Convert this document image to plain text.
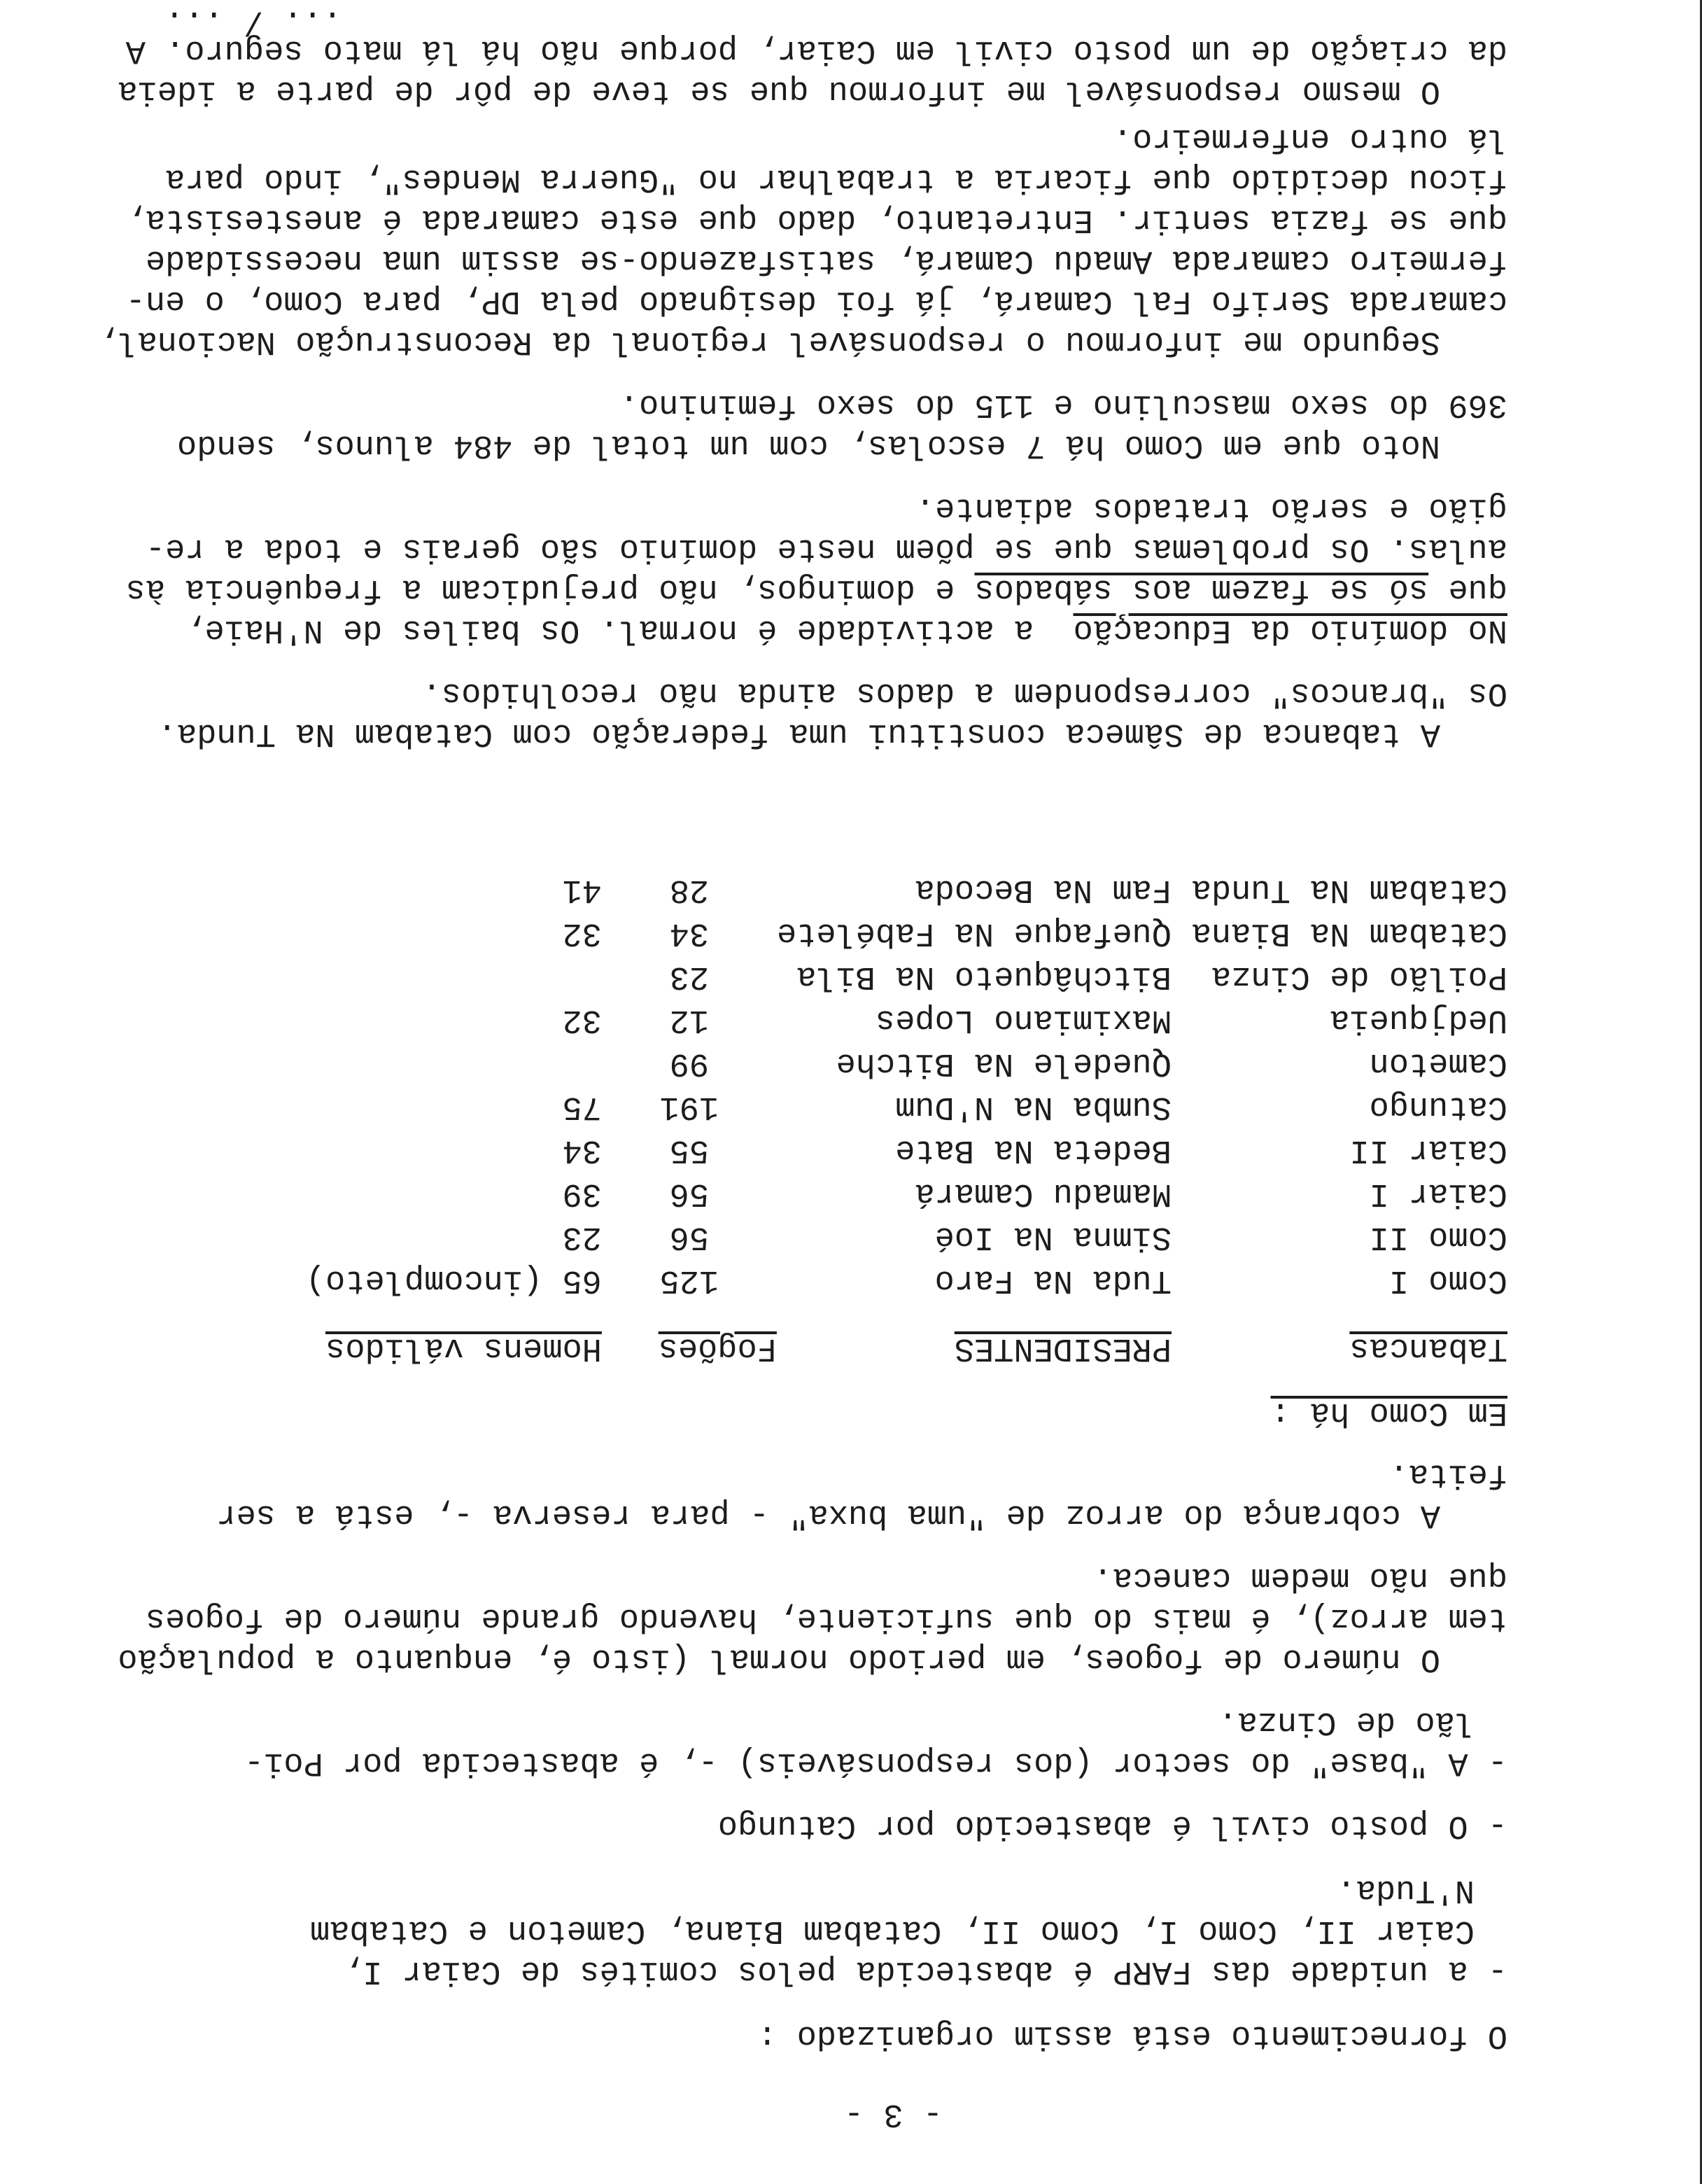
- 3 -
O fornecimento está assim organizado :
- a unidade das FARP é abastecida pelos comités de Caiar I,
Caiar II, Como I, Como II, Catabam Biana, Cameton e Catabam
N'Tuda.
- O posto civil é abastecido por Catungo
- A "base" do sector (dos responsáveis) -, é abastecida por Poi-
lão de Cinza.
O número de fogoes, em periodo normal (isto é, enquanto a população
tem arroz), é mais do que suficiente, havendo grande número de fogoes
que não medem caneca.
A cobrança do arroz de "uma buxa" - para reserva -, está a ser
feita.
Em Como há :			
Tabancas	PRESIDENTES	Fogões	Homens válidos
Como I	Tuda Na Faro	125	65 (incompleto)
Como II	Simna Na Ioé	56	23
Caiar I	Mamadu Camará	56	39
Caiar II	Bedeta Na Bate	55	34
Catungo	Sumba Na N'Dum	191	75
Cameton	Quedele Na Bitche	99	
Uedjqueia	Maximiano Lopes	12	32
Poilão de Cinza	Bitchâqueto Na Bila	23	
Catabam Na Biana	Quefaque Na Fabélete	34	32
Catabam Na Tunda	Fam Na Becoda	28	41
A tabanca de Sâmeca constitui uma federação com Catabam Na Tunda.
Os "brancos" correspondem a dados ainda não recolhidos.
No domínio da Educação  a actividade é normal. Os bailes de N'Haie,
que só se fazem aos sábados e domingos, não prejudicam a frequência às
aulas. Os problemas que se põem neste domínio são gerais e toda a re-
gião e serão tratados adiante.
Noto que em Como há 7 escolas, com um total de 484 alunos, sendo
369 do sexo masculino e 115 do sexo feminino.
Segundo me informou o responsável regional da Reconstrução Nacional,
camarada Serifo Fal Camará, já foi designado pela DP, para Como, o en-
fermeiro camarada Amadu Camará, satisfazendo-se assim uma necessidade
que se fazia sentir. Entretanto, dado que este camarada é anestesista,
ficou decidido que ficaria a trabalhar no "Guerra Mendes", indo para
lá outro enfermeiro.
O mesmo responsável me informou que se teve de pôr de parte a ideia
da criação de um posto civil em Caiar, porque não há lá mato seguro. A
... / ...
